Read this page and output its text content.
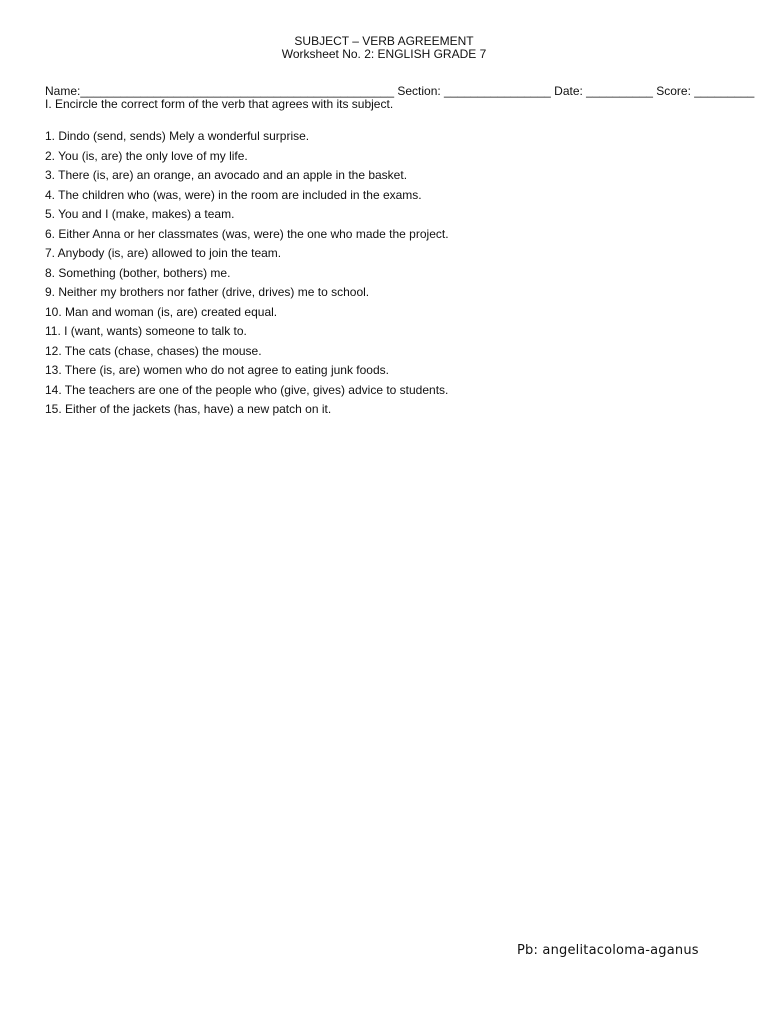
SUBJECT – VERB AGREEMENT
Worksheet No. 2: ENGLISH GRADE 7
Name:_______________________________________________ Section: ________________ Date: __________ Score: _________
I. Encircle the correct form of the verb that agrees with its subject.
1. Dindo (send, sends) Mely a wonderful surprise.
2. You (is, are) the only love of my life.
3. There (is, are) an orange, an avocado and an apple in the basket.
4. The children who (was, were) in the room are included in the exams.
5. You and I (make, makes) a team.
6. Either Anna or her classmates (was, were) the one who made the project.
7. Anybody (is, are) allowed to join the team.
8. Something (bother, bothers) me.
9. Neither my brothers nor father (drive, drives) me to school.
10. Man and woman (is, are) created equal.
11. I (want, wants) someone to talk to.
12. The cats (chase, chases) the mouse.
13. There (is, are) women who do not agree to eating junk foods.
14. The teachers are one of the people who (give, gives) advice to students.
15. Either of the jackets (has, have) a new patch on it.
Pb: angelitacoloma-aganus
